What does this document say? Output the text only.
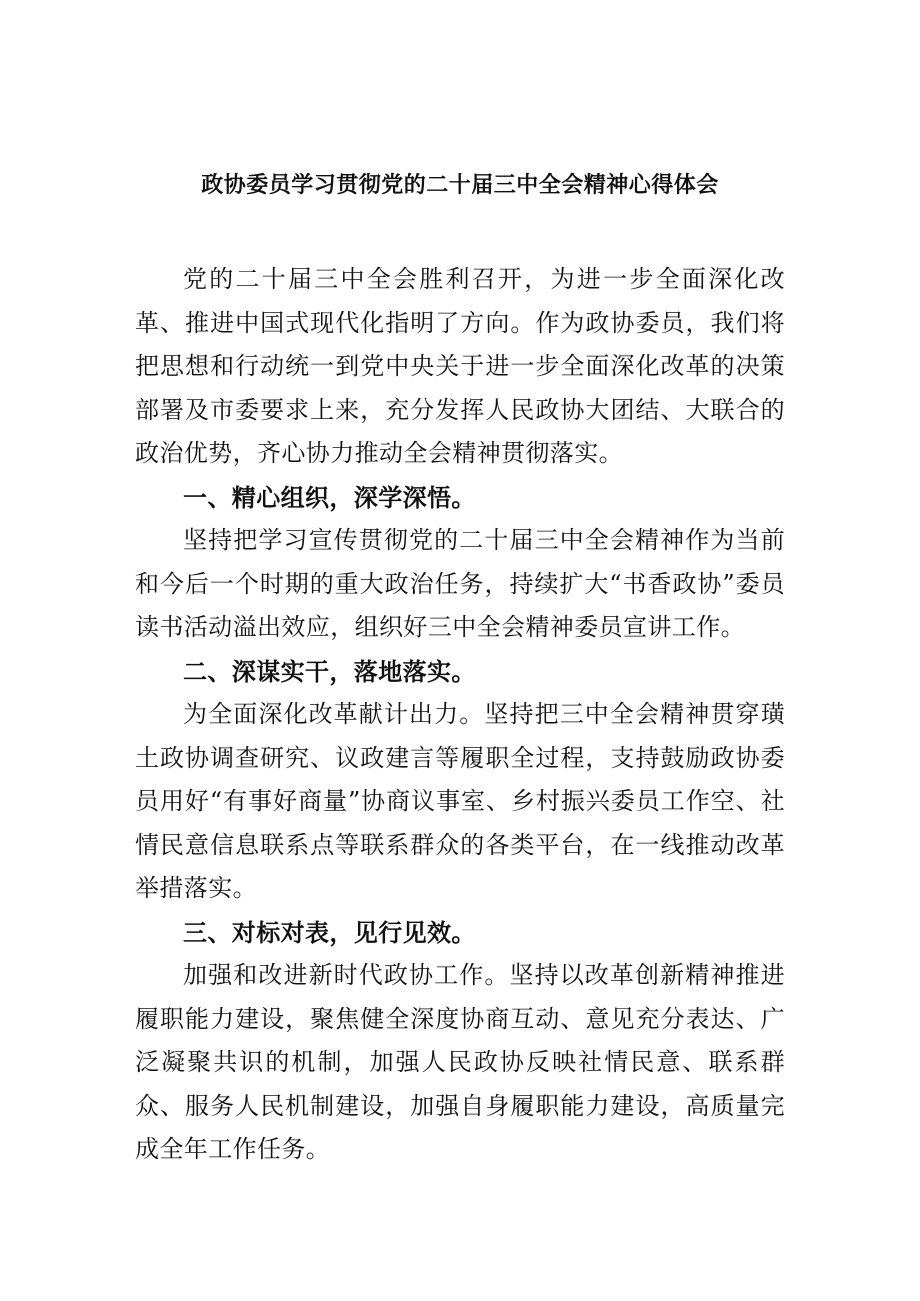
政协委员学习贯彻党的二十届三中全会精神心得体会

党的二十届三中全会胜利召开，为进一步全面深化改革、推进中国式现代化指明了方向。作为政协委员，我们将把思想和行动统一到党中央关于进一步全面深化改革的决策部署及市委要求上来，充分发挥人民政协大团结、大联合的政治优势，齐心协力推动全会精神贯彻落实。

一、精心组织，深学深悟。

坚持把学习宣传贯彻党的二十届三中全会精神作为当前和今后一个时期的重大政治任务，持续扩大“书香政协”委员读书活动溢出效应，组织好三中全会精神委员宣讲工作。

二、深谋实干，落地落实。

为全面深化改革献计出力。坚持把三中全会精神贯穿璜土政协调查研究、议政建言等履职全过程，支持鼓励政协委员用好“有事好商量”协商议事室、乡村振兴委员工作空、社情民意信息联系点等联系群众的各类平台，在一线推动改革举措落实。

三、对标对表，见行见效。

加强和改进新时代政协工作。坚持以改革创新精神推进履职能力建设，聚焦健全深度协商互动、意见充分表达、广泛凝聚共识的机制，加强人民政协反映社情民意、联系群众、服务人民机制建设，加强自身履职能力建设，高质量完成全年工作任务。
